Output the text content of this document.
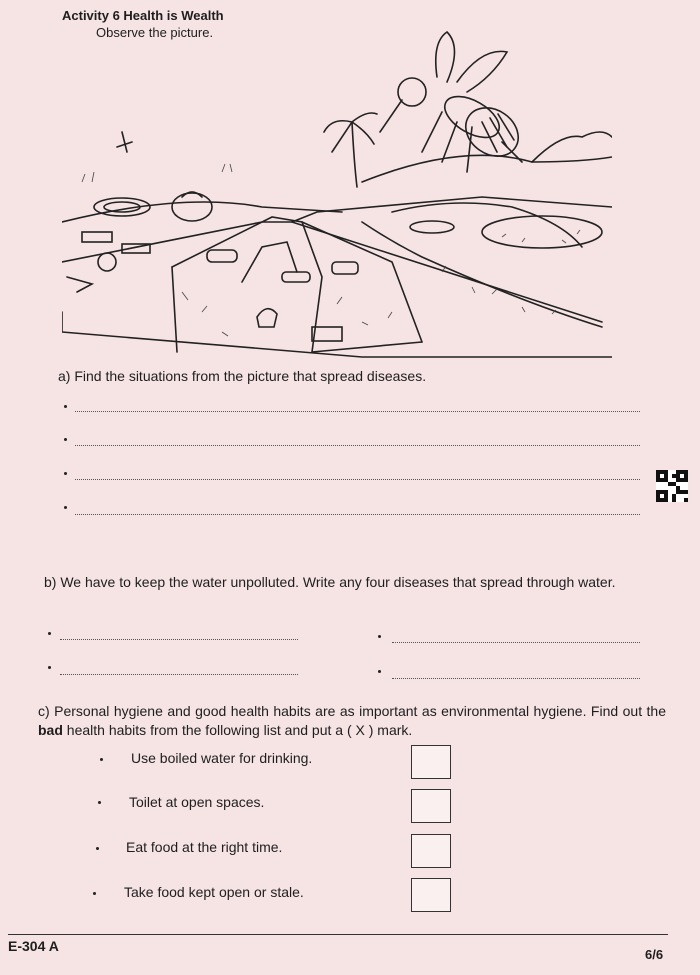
Activity 6 Health is Wealth
Observe the picture.
a) Find the situations from the picture that spread diseases.
b) We have to keep the water unpolluted. Write any four diseases that spread through water.
c) Personal hygiene and good health habits are as important as environmental hygiene. Find out the bad health habits from the following list and put a ( X ) mark.
Use boiled water for drinking.
Toilet at open spaces.
Eat food at the right time.
Take food kept open or stale.
E-304 A
6/6
